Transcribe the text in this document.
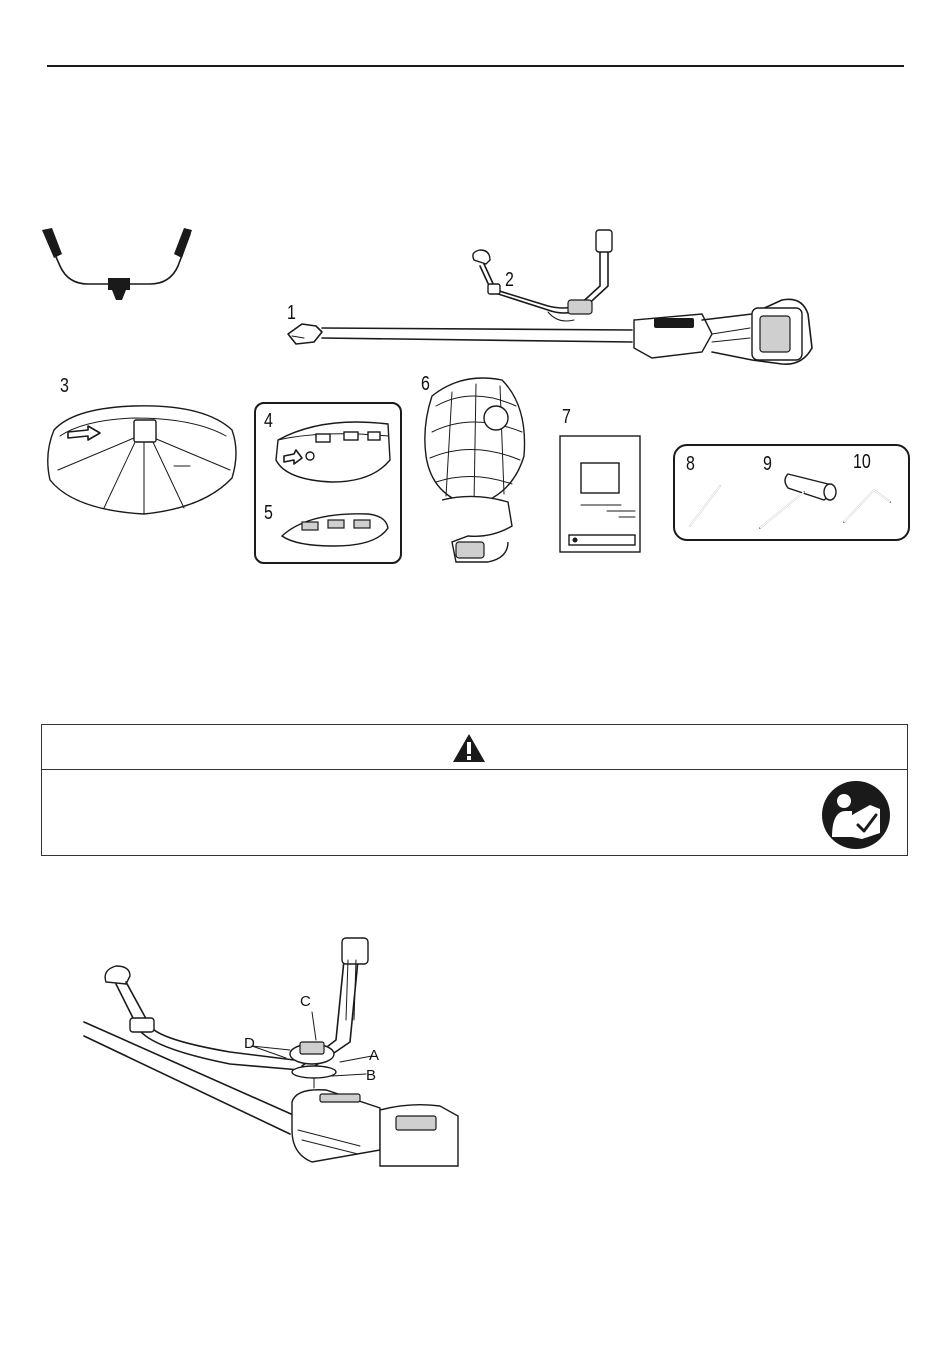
1
2
3
4
5
6
7
8	9	10
C
D
A
B
